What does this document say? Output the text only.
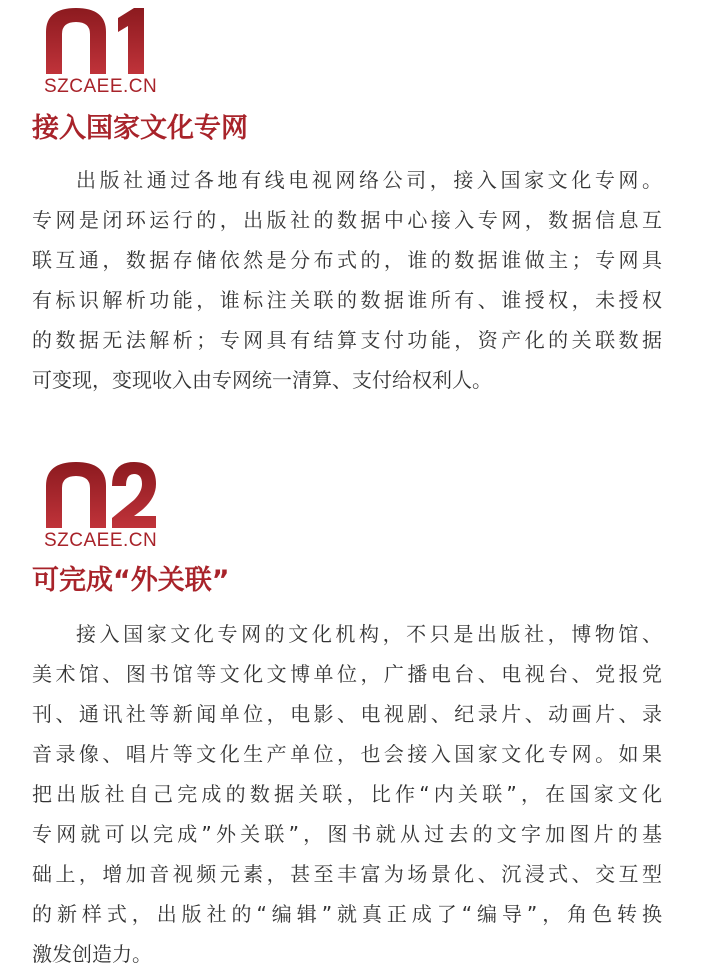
SZCAEE.CN
接入国家文化专网
出版社通过各地有线电视网络公司，接入国家文化专网。
专网是闭环运行的，出版社的数据中心接入专网，数据信息互
联互通，数据存储依然是分布式的，谁的数据谁做主；专网具
有标识解析功能，谁标注关联的数据谁所有、谁授权，未授权
的数据无法解析；专网具有结算支付功能，资产化的关联数据
可变现，变现收入由专网统一清算、支付给权利人。
SZCAEE.CN
可完成“外关联”
接入国家文化专网的文化机构，不只是出版社，博物馆、
美术馆、图书馆等文化文博单位，广播电台、电视台、党报党
刊、通讯社等新闻单位，电影、电视剧、纪录片、动画片、录
音录像、唱片等文化生产单位，也会接入国家文化专网。如果
把出版社自己完成的数据关联，比作“内关联”，在国家文化
专网就可以完成”外关联”，图书就从过去的文字加图片的基
础上，增加音视频元素，甚至丰富为场景化、沉浸式、交互型
的新样式，出版社的“编辑”就真正成了“编导”，角色转换
激发创造力。
